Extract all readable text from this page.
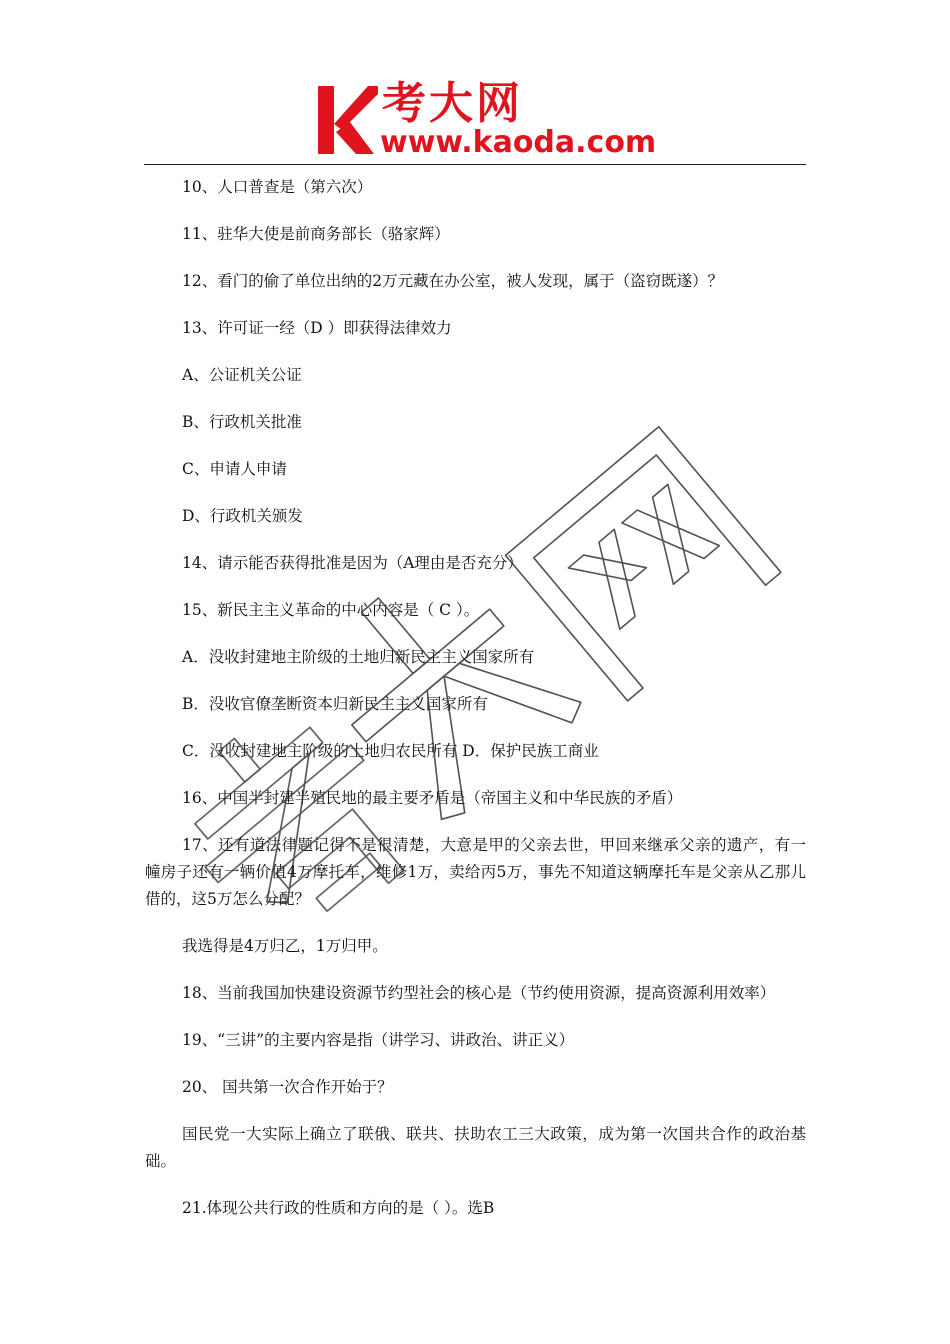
考大网
www.kaoda.com

10、人口普查是（第六次）

11、驻华大使是前商务部长（骆家辉）

12、看门的偷了单位出纳的2万元藏在办公室，被人发现，属于（盗窃既遂）？

13、许可证一经（D ）即获得法律效力

A、公证机关公证

B、行政机关批准

C、申请人申请

D、行政机关颁发

14、请示能否获得批准是因为（A理由是否充分）

15、新民主主义革命的中心内容是（ C ）。

A．没收封建地主阶级的土地归新民主主义国家所有

B．没收官僚垄断资本归新民主主义国家所有

C．没收封建地主阶级的土地归农民所有 D．保护民族工商业

16、中国半封建半殖民地的最主要矛盾是（帝国主义和中华民族的矛盾）

17、还有道法律题记得不是很清楚，大意是甲的父亲去世，甲回来继承父亲的遗产，有一幢房子还有一辆价值4万摩托车，维修1万，卖给丙5万，事先不知道这辆摩托车是父亲从乙那儿借的，这5万怎么分配？

我选得是4万归乙，1万归甲。

18、当前我国加快建设资源节约型社会的核心是（节约使用资源，提高资源利用效率）

19、“三讲”的主要内容是指（讲学习、讲政治、讲正义）

20、 国共第一次合作开始于？

国民党一大实际上确立了联俄、联共、扶助农工三大政策，成为第一次国共合作的政治基础。

21.体现公共行政的性质和方向的是（ ）。选B
